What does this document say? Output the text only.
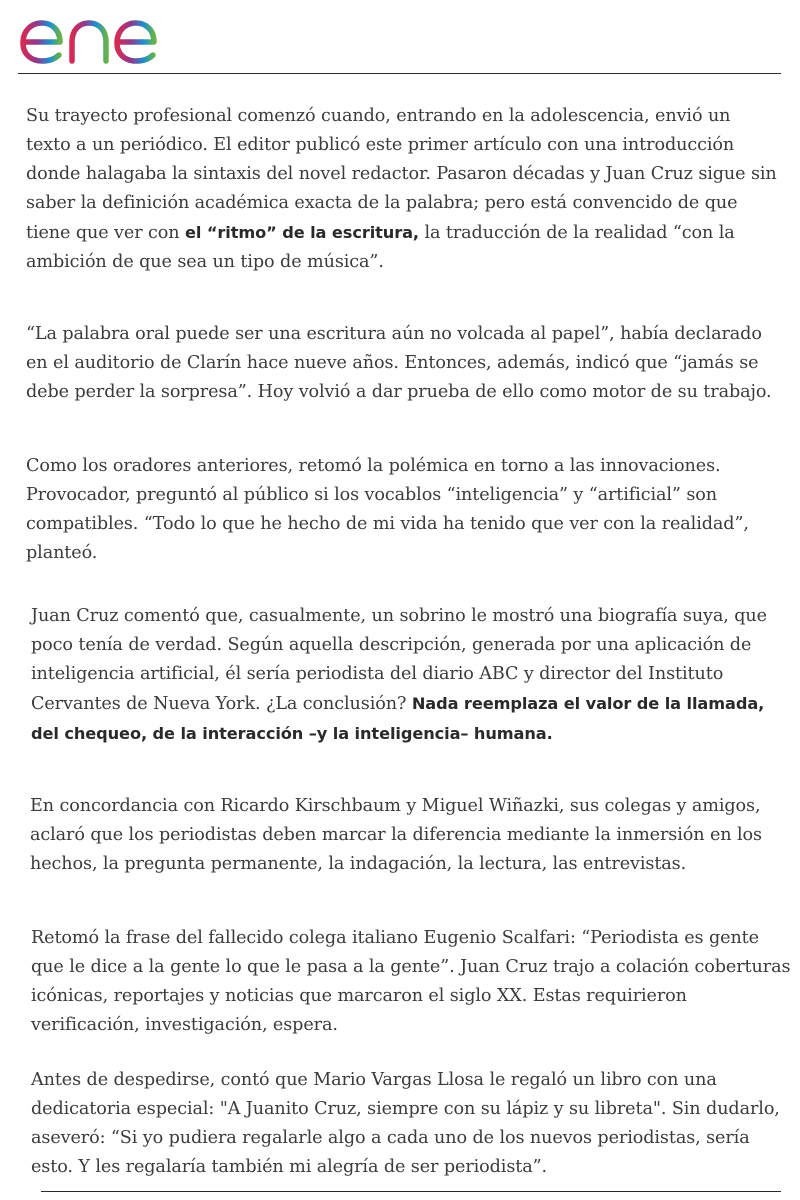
Su trayecto profesional comenzó cuando, entrando en la adolescencia, envió un
texto a un periódico. El editor publicó este primer artículo con una introducción
donde halagaba la sintaxis del novel redactor. Pasaron décadas y Juan Cruz sigue sin
saber la definición académica exacta de la palabra; pero está convencido de que
tiene que ver con el “ritmo” de la escritura, la traducción de la realidad “con la
ambición de que sea un tipo de música”.

“La palabra oral puede ser una escritura aún no volcada al papel”, había declarado
en el auditorio de Clarín hace nueve años. Entonces, además, indicó que “jamás se
debe perder la sorpresa”. Hoy volvió a dar prueba de ello como motor de su trabajo.

Como los oradores anteriores, retomó la polémica en torno a las innovaciones.
Provocador, preguntó al público si los vocablos “inteligencia” y “artificial” son
compatibles. “Todo lo que he hecho de mi vida ha tenido que ver con la realidad”,
planteó.

Juan Cruz comentó que, casualmente, un sobrino le mostró una biografía suya, que
poco tenía de verdad. Según aquella descripción, generada por una aplicación de
inteligencia artificial, él sería periodista del diario ABC y director del Instituto
Cervantes de Nueva York. ¿La conclusión? Nada reemplaza el valor de la llamada,
del chequeo, de la interacción –y la inteligencia– humana.

En concordancia con Ricardo Kirschbaum y Miguel Wiñazki, sus colegas y amigos,
aclaró que los periodistas deben marcar la diferencia mediante la inmersión en los
hechos, la pregunta permanente, la indagación, la lectura, las entrevistas.

Retomó la frase del fallecido colega italiano Eugenio Scalfari: “Periodista es gente
que le dice a la gente lo que le pasa a la gente”. Juan Cruz trajo a colación coberturas
icónicas, reportajes y noticias que marcaron el siglo XX. Estas requirieron
verificación, investigación, espera.

Antes de despedirse, contó que Mario Vargas Llosa le regaló un libro con una
dedicatoria especial: "A Juanito Cruz, siempre con su lápiz y su libreta". Sin dudarlo,
aseveró: “Si yo pudiera regalarle algo a cada uno de los nuevos periodistas, sería
esto. Y les regalaría también mi alegría de ser periodista”.
